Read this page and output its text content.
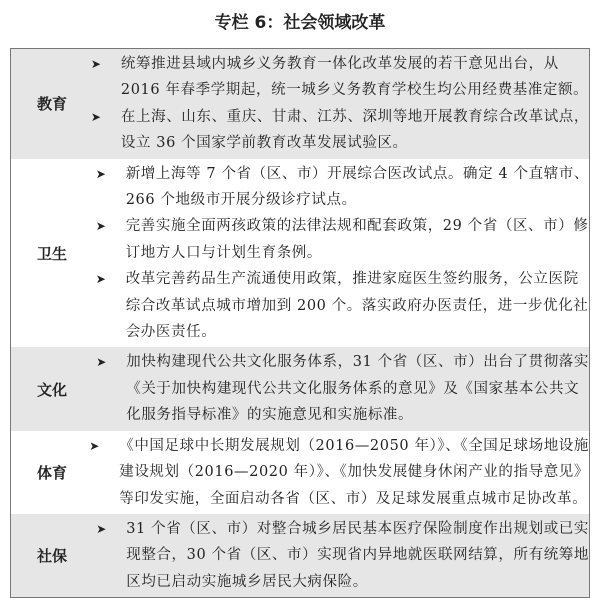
专栏 6：社会领域改革
教育
➤	统筹推进县域内城乡义务教育一体化改革发展的若干意见出台，从
2016 年春季学期起，统一城乡义务教育学校生均公用经费基准定额。
➤	在上海、山东、重庆、甘肃、江苏、深圳等地开展教育综合改革试点，
设立 36 个国家学前教育改革发展试验区。
卫生
➤	新增上海等 7 个省（区、市）开展综合医改试点。确定 4 个直辖市、
266 个地级市开展分级诊疗试点。
➤	完善实施全面两孩政策的法律法规和配套政策，29 个省（区、市）修
订地方人口与计划生育条例。
➤	改革完善药品生产流通使用政策，推进家庭医生签约服务，公立医院
综合改革试点城市增加到 200 个。落实政府办医责任，进一步优化社
会办医责任。
文化
➤	加快构建现代公共文化服务体系，31 个省（区、市）出台了贯彻落实
《关于加快构建现代公共文化服务体系的意见》及《国家基本公共文
化服务指导标准》的实施意见和实施标准。
体育
➤	《中国足球中长期发展规划（2016—2050 年）》、《全国足球场地设施
建设规划（2016—2020 年）》、《加快发展健身休闲产业的指导意见》
等印发实施，全面启动各省（区、市）及足球发展重点城市足协改革。
社保
➤	31 个省（区、市）对整合城乡居民基本医疗保险制度作出规划或已实
现整合，30 个省（区、市）实现省内异地就医联网结算，所有统筹地
区均已启动实施城乡居民大病保险。
